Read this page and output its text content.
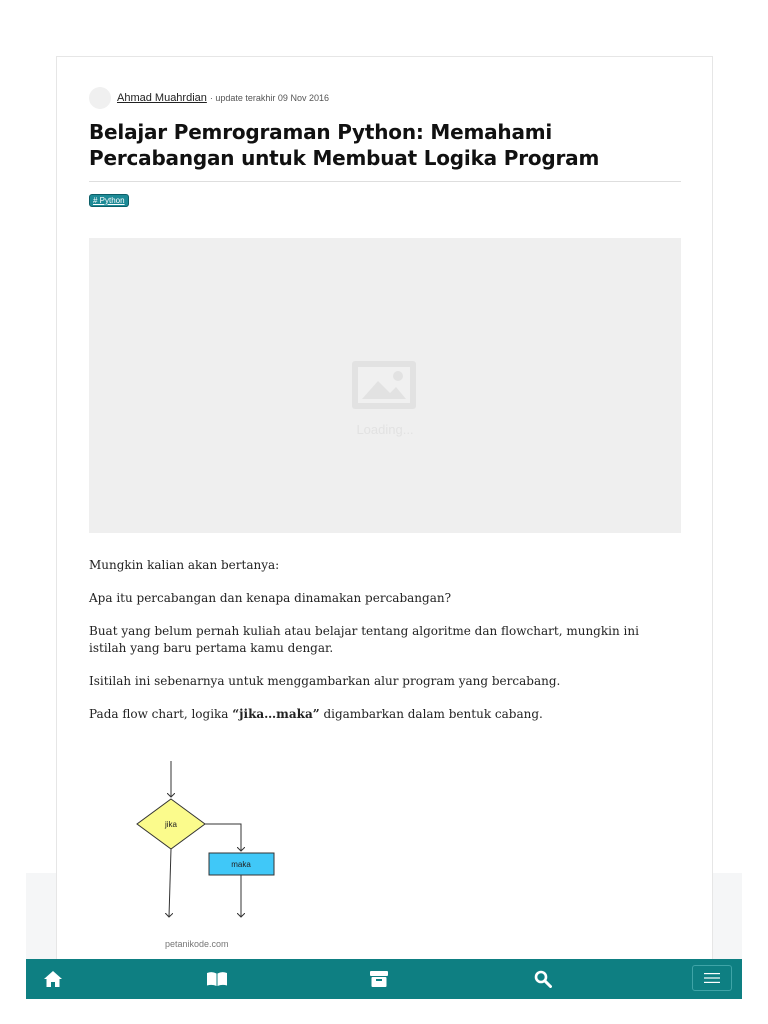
Ahmad Muahrdian · update terakhir 09 Nov 2016
Belajar Pemrograman Python: Memahami Percabangan untuk Membuat Logika Program
# Python
Loading...

Mungkin kalian akan bertanya:

Apa itu percabangan dan kenapa dinamakan percabangan?

Buat yang belum pernah kuliah atau belajar tentang algoritme dan flowchart, mungkin ini istilah yang baru pertama kamu dengar.

Isitilah ini sebenarnya untuk menggambarkan alur program yang bercabang.

Pada flow chart, logika “jika…maka” digambarkan dalam bentuk cabang.

jika
maka
petanikode.com
